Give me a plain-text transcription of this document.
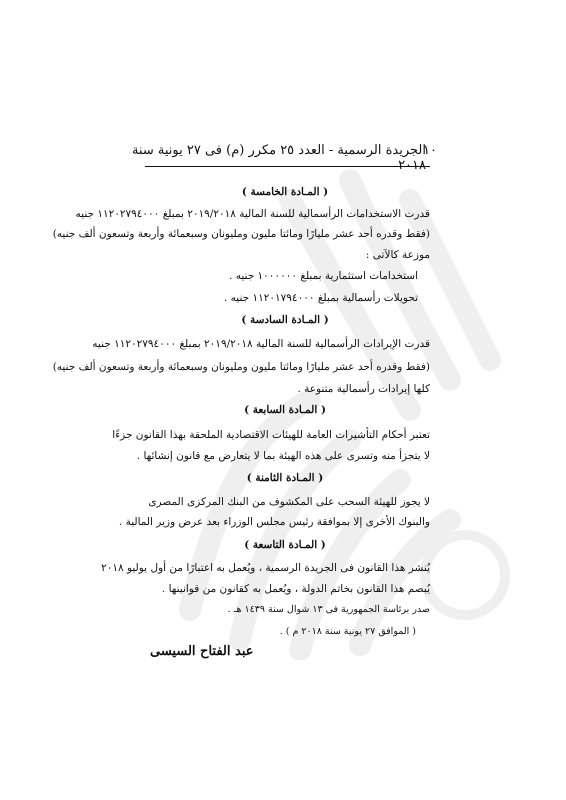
الجريدة الرسمية - العدد ٢٥ مكرر (م) فى ٢٧ يونية سنة ٢٠١٨
١٠
( المـادة الخامسة )
قدرت الاستخدامات الرأسمالية للسنة المالية ٢٠١٩/٢٠١٨ بمبلغ ١١٢٠٢٧٩٤٠٠٠ جنيه
(فقط وقدره أحد عشر مليارًا ومائتا مليون ومليونان وسبعمائة وأربعة وتسعون ألف جنيه)
موزعة كالآتى :
استخدامات استثمارية بمبلغ ١٠٠٠٠٠٠ جنيه .
تحويلات رأسمالية بمبلغ ١١٢٠١٧٩٤٠٠٠ جنيه .
( المـادة السادسة )
قدرت الإيرادات الرأسمالية للسنة المالية ٢٠١٩/٢٠١٨ بمبلغ ١١٢٠٢٧٩٤٠٠٠ جنيه
(فقط وقدره أحد عشر مليارًا ومائتا مليون ومليونان وسبعمائة وأربعة وتسعون ألف جنيه)
كلها إيرادات رأسمالية متنوعة .
( المـادة السابعة )
تعتبر أحكام التأشيرات العامة للهيئات الاقتصادية الملحقة بهذا القانون جزءًا
لا يتجزأ منه وتسرى على هذه الهيئة بما لا يتعارض مع قانون إنشائها .
( المـادة الثامنة )
لا يجوز للهيئة السحب على المكشوف من البنك المركزى المصرى
والبنوك الأخرى إلا بموافقة رئيس مجلس الوزراء بعد عرض وزير المالية .
( المـادة التاسعة )
يُنشر هذا القانون فى الجريدة الرسمية ، ويُعمل به اعتبارًا من أول يوليو ٢٠١٨
يُبصم هذا القانون بخاتم الدولة ، ويُعمل به كقانون من قوانينها .
صدر برئاسة الجمهورية فى ١٣ شوال سنة ١٤٣٩ هـ .
( الموافق ٢٧ يونية سنة ٢٠١٨ م ) .
عبد الفتاح السيسى
